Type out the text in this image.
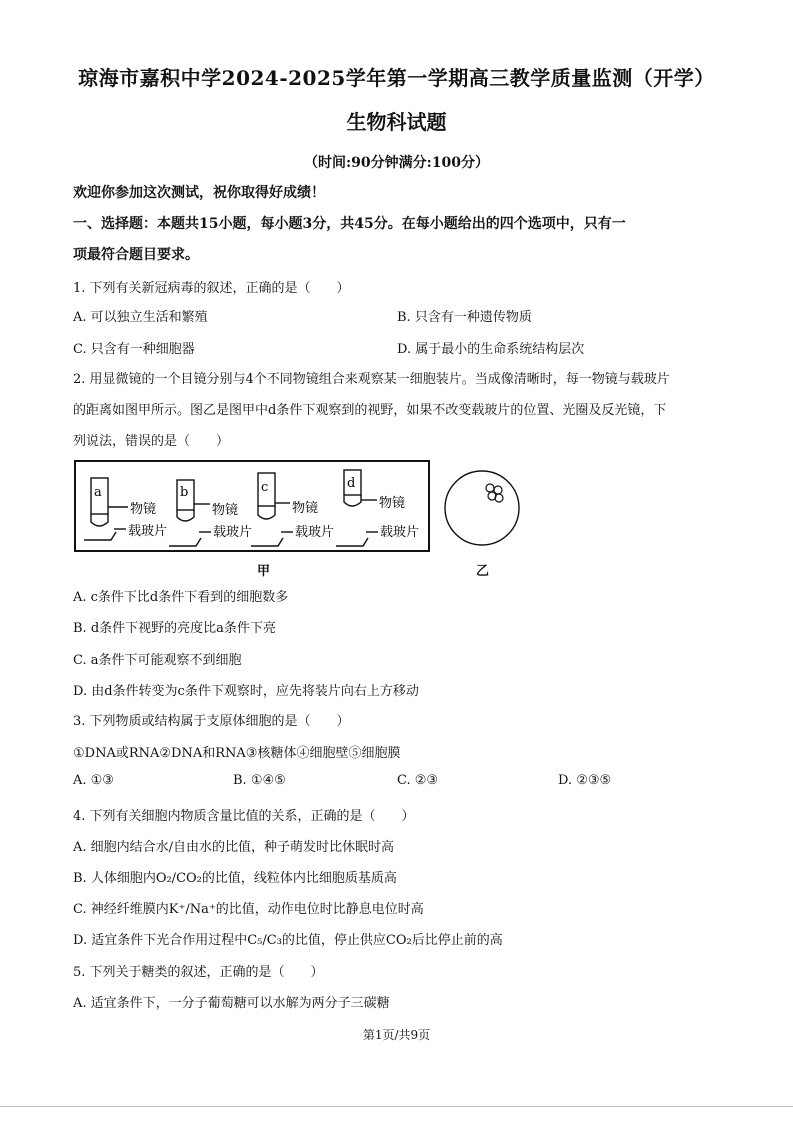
琼海市嘉积中学2024-2025学年第一学期高三教学质量监测（开学）
生物科试题
（时间:90分钟满分:100分）
欢迎你参加这次测试，祝你取得好成绩！
一、选择题：本题共15小题，每小题3分，共45分。在每小题给出的四个选项中，只有一
项最符合题目要求。
1. 下列有关新冠病毒的叙述，正确的是（　　）
A. 可以独立生活和繁殖	B. 只含有一种遗传物质
C. 只含有一种细胞器	D. 属于最小的生命系统结构层次
2. 用显微镜的一个目镜分别与4个不同物镜组合来观察某一细胞装片。当成像清晰时，每一物镜与载玻片
的距离如图甲所示。图乙是图甲中d条件下观察到的视野，如果不改变载玻片的位置、光圈及反光镜，下
列说法，错误的是（　　）
a
物镜
载玻片
b
物镜
载玻片
c
物镜
载玻片
d
物镜
载玻片
甲	乙
A. c条件下比d条件下看到的细胞数多
B. d条件下视野的亮度比a条件下亮
C. a条件下可能观察不到细胞
D. 由d条件转变为c条件下观察时，应先将装片向右上方移动
3. 下列物质或结构属于支原体细胞的是（　　）
①DNA或RNA②DNA和RNA③核糖体④细胞壁⑤细胞膜
A. ①③	B. ①④⑤	C. ②③	D. ②③⑤
4. 下列有关细胞内物质含量比值的关系，正确的是（　　）
A. 细胞内结合水/自由水的比值，种子萌发时比休眠时高
B. 人体细胞内O₂/CO₂的比值，线粒体内比细胞质基质高
C. 神经纤维膜内K⁺/Na⁺的比值，动作电位时比静息电位时高
D. 适宜条件下光合作用过程中C₅/C₃的比值，停止供应CO₂后比停止前的高
5. 下列关于糖类的叙述，正确的是（　　）
A. 适宜条件下，一分子葡萄糖可以水解为两分子三碳糖
第1页/共9页
